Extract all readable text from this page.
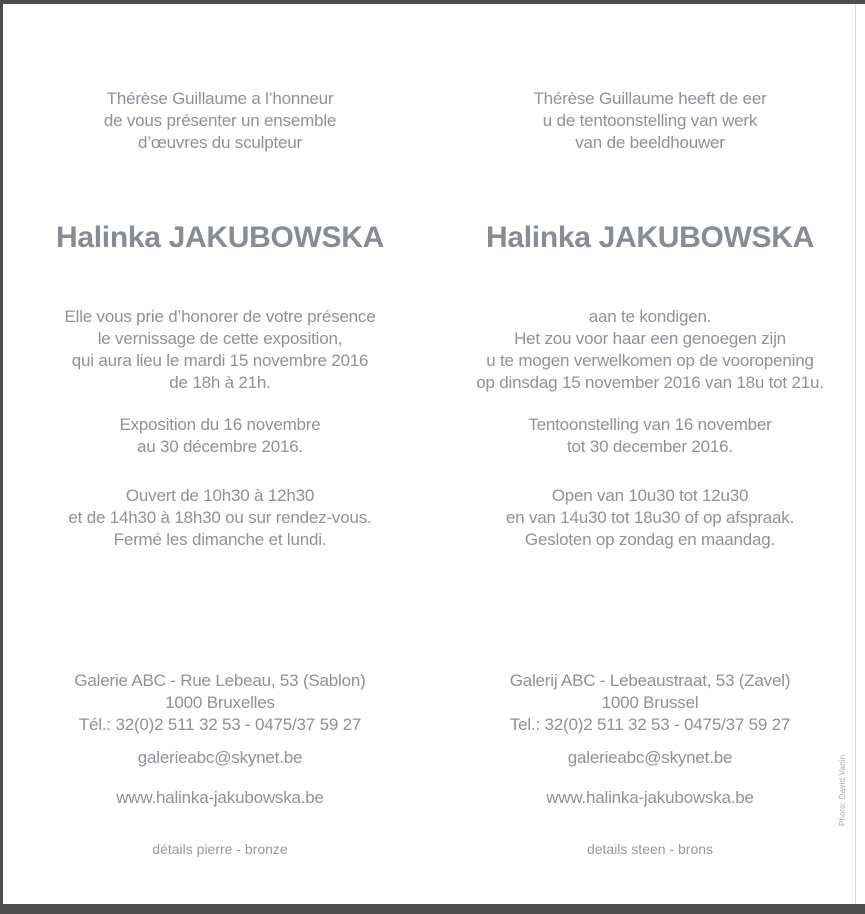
Thérèse Guillaume a l’honneur
de vous présenter un ensemble
d’œuvres du sculpteur
Halinka JAKUBOWSKA
Elle vous prie d’honorer de votre présence
le vernissage de cette exposition,
qui aura lieu le mardi 15 novembre 2016
de 18h à 21h.
Exposition du 16 novembre
au 30 décembre 2016.
Ouvert de 10h30 à 12h30
et de 14h30 à 18h30 ou sur rendez-vous.
Fermé les dimanche et lundi.
Galerie ABC - Rue Lebeau, 53 (Sablon)
1000 Bruxelles
Tél.: 32(0)2 511 32 53 - 0475/37 59 27
galerieabc@skynet.be
www.halinka-jakubowska.be
détails pierre - bronze
Thérèse Guillaume heeft de eer
u de tentoonstelling van werk
van de beeldhouwer
Halinka JAKUBOWSKA
aan te kondigen.
Het zou voor haar een genoegen zijn
u te mogen verwelkomen op de vooropening
op dinsdag 15 november 2016 van 18u tot 21u.
Tentoonstelling van 16 november
tot 30 december 2016.
Open van 10u30 tot 12u30
en van 14u30 tot 18u30 of op afspraak.
Gesloten op zondag en maandag.
Galerij ABC - Lebeaustraat, 53 (Zavel)
1000 Brussel
Tel.: 32(0)2 511 32 53 - 0475/37 59 27
galerieabc@skynet.be
www.halinka-jakubowska.be
details steen - brons
Photo: David Vanin
